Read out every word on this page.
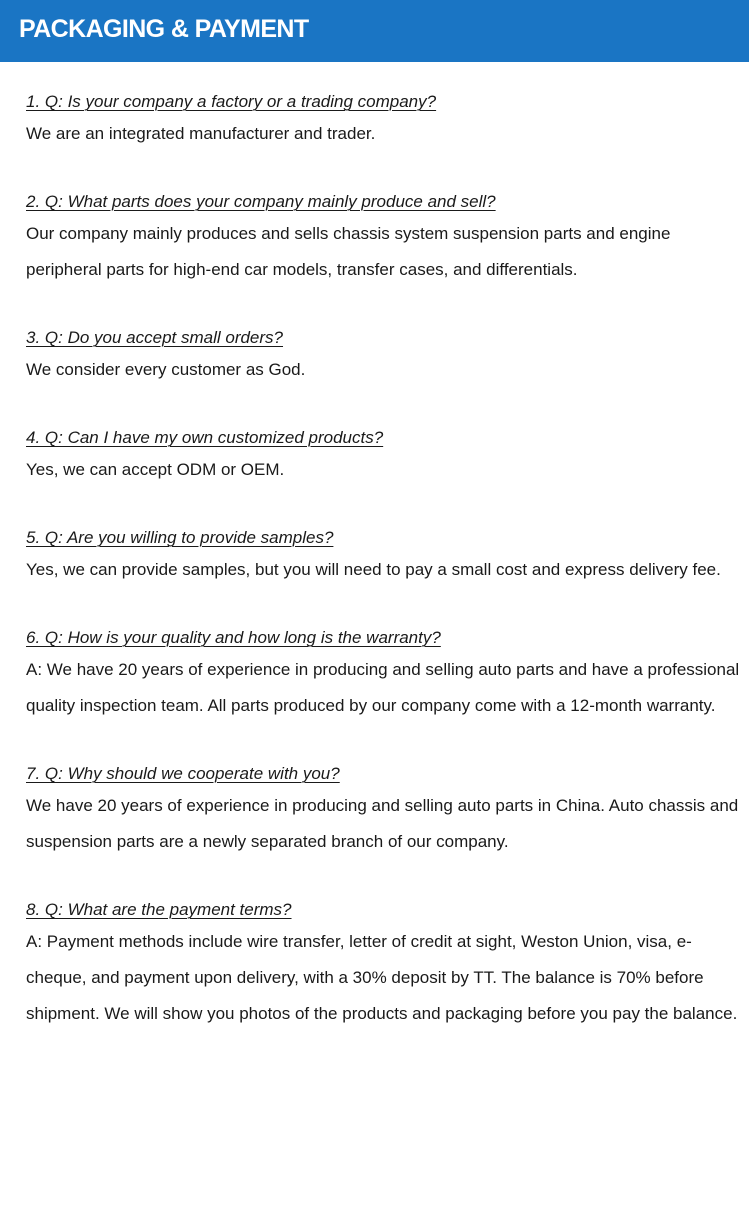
PACKAGING & PAYMENT
1. Q: Is your company a factory or a trading company?
We are an integrated manufacturer and trader.
2. Q: What parts does your company mainly produce and sell?
Our company mainly produces and sells chassis system suspension parts and engine peripheral parts for high-end car models, transfer cases, and differentials.
3. Q: Do you accept small orders?
We consider every customer as God.
4. Q: Can I have my own customized products?
Yes, we can accept ODM or OEM.
5. Q: Are you willing to provide samples?
Yes, we can provide samples, but you will need to pay a small cost and express delivery fee.
6. Q: How is your quality and how long is the warranty?
A: We have 20 years of experience in producing and selling auto parts and have a professional quality inspection team. All parts produced by our company come with a 12-month warranty.
7. Q: Why should we cooperate with you?
We have 20 years of experience in producing and selling auto parts in China. Auto chassis and suspension parts are a newly separated branch of our company.
8. Q: What are the payment terms?
A: Payment methods include wire transfer, letter of credit at sight, Weston Union, visa, e-cheque, and payment upon delivery, with a 30% deposit by TT. The balance is 70% before shipment. We will show you photos of the products and packaging before you pay the balance.
